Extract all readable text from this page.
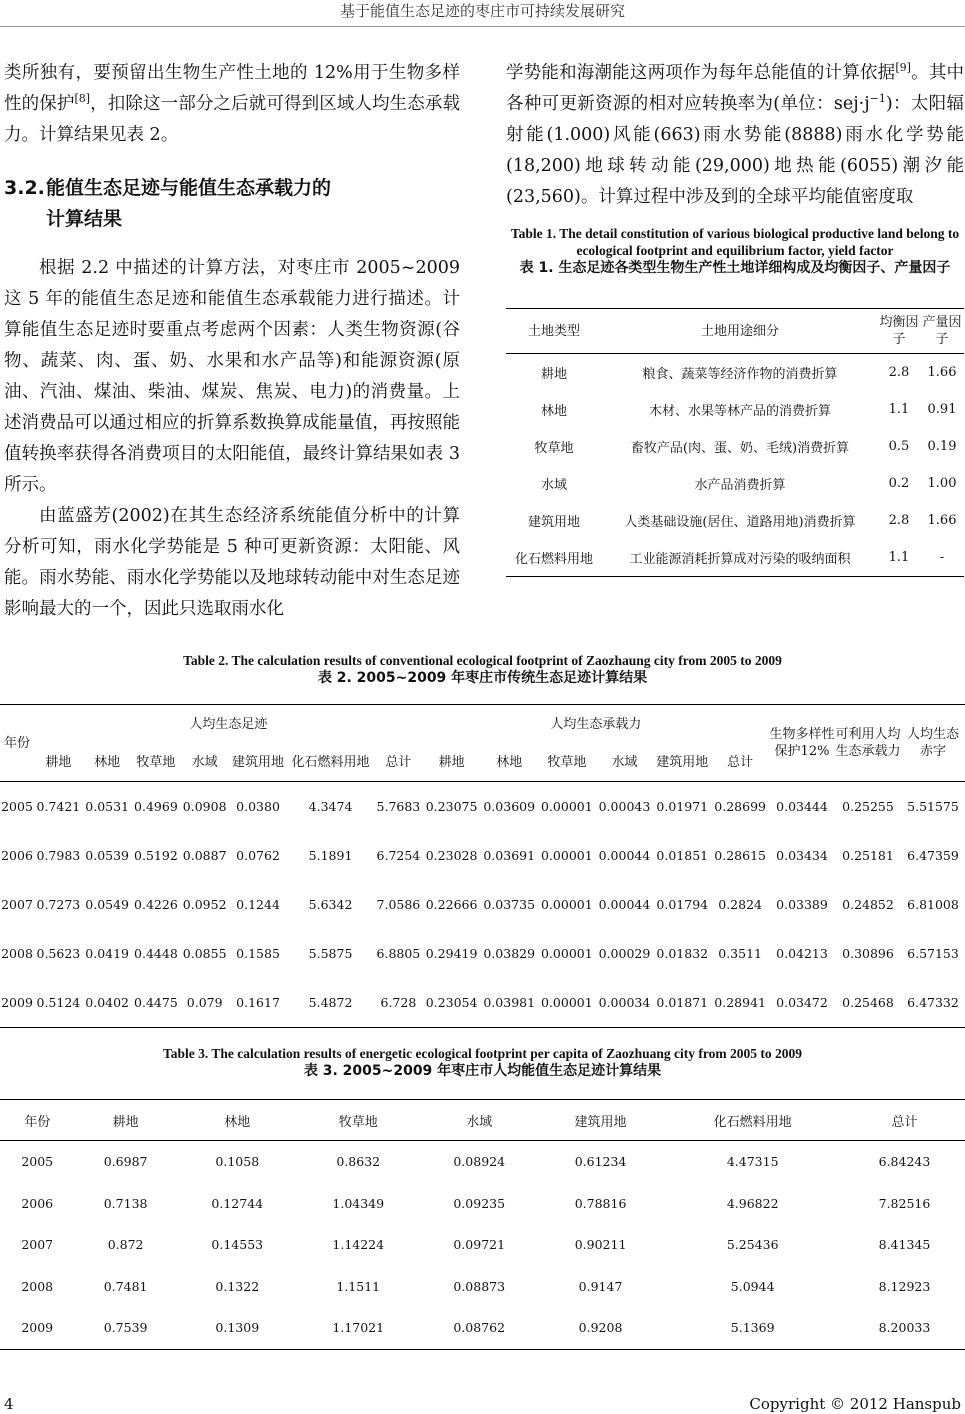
基于能值生态足迹的枣庄市可持续发展研究

类所独有，要预留出生物生产性土地的 12%用于生物多样性的保护[8]，扣除这一部分之后就可得到区域人均生态承载力。计算结果见表 2。

3.2.能值生态足迹与能值生态承载力的
计算结果

根据 2.2 中描述的计算方法，对枣庄市 2005~2009 这 5 年的能值生态足迹和能值生态承载能力进行描述。计算能值生态足迹时要重点考虑两个因素：人类生物资源(谷物、蔬菜、肉、蛋、奶、水果和水产品等)和能源资源(原油、汽油、煤油、柴油、煤炭、焦炭、电力)的消费量。上述消费品可以通过相应的折算系数换算成能量值，再按照能值转换率获得各消费项目的太阳能值，最终计算结果如表 3 所示。

由蓝盛芳(2002)在其生态经济系统能值分析中的计算分析可知，雨水化学势能是 5 种可更新资源：太阳能、风能。雨水势能、雨水化学势能以及地球转动能中对生态足迹影响最大的一个，因此只选取雨水化

学势能和海潮能这两项作为每年总能值的计算依据[9]。其中各种可更新资源的相对应转换率为(单位：$sej\cdot j^{-1}$)：太阳辐射能(1.000)风能(663)雨水势能(8888)雨水化学势能(18,200)地球转动能(29,000)地热能(6055)潮汐能(23,560)。计算过程中涉及到的全球平均能值密度取

Table 1. The detail constitution of various biological productive land belong to ecological footprint and equilibrium factor, yield factor
表 1. 生态足迹各类型生物生产性土地详细构成及均衡因子、产量因子
土地类型	土地用途细分	均衡因子	产量因子
耕地	粮食、蔬菜等经济作物的消费折算	2.8	1.66
林地	木材、水果等林产品的消费折算	1.1	0.91
牧草地	畜牧产品(肉、蛋、奶、毛绒)消费折算	0.5	0.19
水域	水产品消费折算	0.2	1.00
建筑用地	人类基础设施(居住、道路用地)消费折算	2.8	1.66
化石燃料用地	工业能源消耗折算成对污染的吸纳面积	1.1	-
Table 2. The calculation results of conventional ecological footprint of Zaozhaung city from 2005 to 2009
表 2. 2005~2009 年枣庄市传统生态足迹计算结果
年份	人均生态足迹							人均生态承载力						生物多样性保护12%	可利用人均生态承载力	人均生态赤字
	耕地	林地	牧草地	水域	建筑用地	化石燃料用地	总计	耕地	林地	牧草地	水域	建筑用地	总计			
2005	0.7421	0.0531	0.4969	0.0908	0.0380	4.3474	5.7683	0.23075	0.03609	0.00001	0.00043	0.01971	0.28699	0.03444	0.25255	5.51575
2006	0.7983	0.0539	0.5192	0.0887	0.0762	5.1891	6.7254	0.23028	0.03691	0.00001	0.00044	0.01851	0.28615	0.03434	0.25181	6.47359
2007	0.7273	0.0549	0.4226	0.0952	0.1244	5.6342	7.0586	0.22666	0.03735	0.00001	0.00044	0.01794	0.2824	0.03389	0.24852	6.81008
2008	0.5623	0.0419	0.4448	0.0855	0.1585	5.5875	6.8805	0.29419	0.03829	0.00001	0.00029	0.01832	0.3511	0.04213	0.30896	6.57153
2009	0.5124	0.0402	0.4475	0.079	0.1617	5.4872	6.728	0.23054	0.03981	0.00001	0.00034	0.01871	0.28941	0.03472	0.25468	6.47332
Table 3. The calculation results of energetic ecological footprint per capita of Zaozhuang city from 2005 to 2009
表 3. 2005~2009 年枣庄市人均能值生态足迹计算结果
年份	耕地	林地	牧草地	水域	建筑用地	化石燃料用地	总计
2005	0.6987	0.1058	0.8632	0.08924	0.61234	4.47315	6.84243
2006	0.7138	0.12744	1.04349	0.09235	0.78816	4.96822	7.82516
2007	0.872	0.14553	1.14224	0.09721	0.90211	5.25436	8.41345
2008	0.7481	0.1322	1.1511	0.08873	0.9147	5.0944	8.12923
2009	0.7539	0.1309	1.17021	0.08762	0.9208	5.1369	8.20033
4	Copyright © 2012 Hanspub
